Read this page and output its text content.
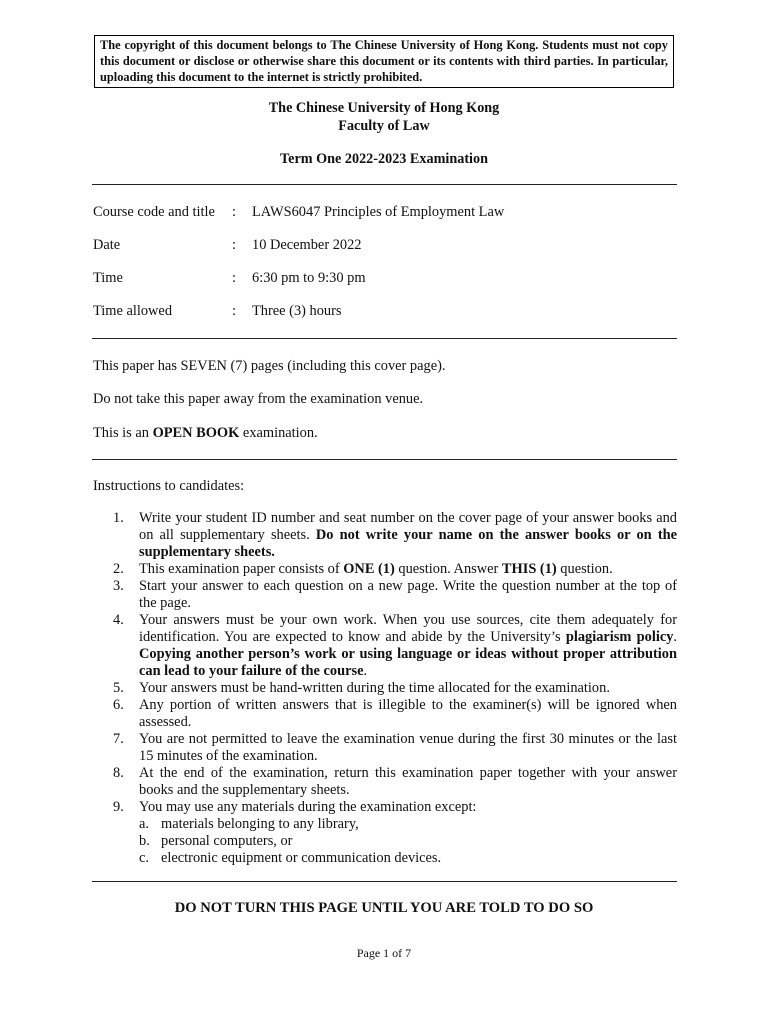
The copyright of this document belongs to The Chinese University of Hong Kong. Students must not copy this document or disclose or otherwise share this document or its contents with third parties. In particular, uploading this document to the internet is strictly prohibited.
The Chinese University of Hong Kong
Faculty of Law
Term One 2022-2023 Examination
Course code and title : LAWS6047 Principles of Employment Law
Date	: 10 December 2022
Time	: 6:30 pm to 9:30 pm
Time allowed	: Three (3) hours
This paper has SEVEN (7) pages (including this cover page).
Do not take this paper away from the examination venue.
This is an OPEN BOOK examination.
Instructions to candidates:
1. Write your student ID number and seat number on the cover page of your answer books and on all supplementary sheets. Do not write your name on the answer books or on the supplementary sheets.
2. This examination paper consists of ONE (1) question. Answer THIS (1) question.
3. Start your answer to each question on a new page. Write the question number at the top of the page.
4. Your answers must be your own work. When you use sources, cite them adequately for identification. You are expected to know and abide by the University’s plagiarism policy. Copying another person’s work or using language or ideas without proper attribution can lead to your failure of the course.
5. Your answers must be hand-written during the time allocated for the examination.
6. Any portion of written answers that is illegible to the examiner(s) will be ignored when assessed.
7. You are not permitted to leave the examination venue during the first 30 minutes or the last 15 minutes of the examination.
8. At the end of the examination, return this examination paper together with your answer books and the supplementary sheets.
9. You may use any materials during the examination except:
a. materials belonging to any library,
b. personal computers, or
c. electronic equipment or communication devices.
DO NOT TURN THIS PAGE UNTIL YOU ARE TOLD TO DO SO
Page 1 of 7
